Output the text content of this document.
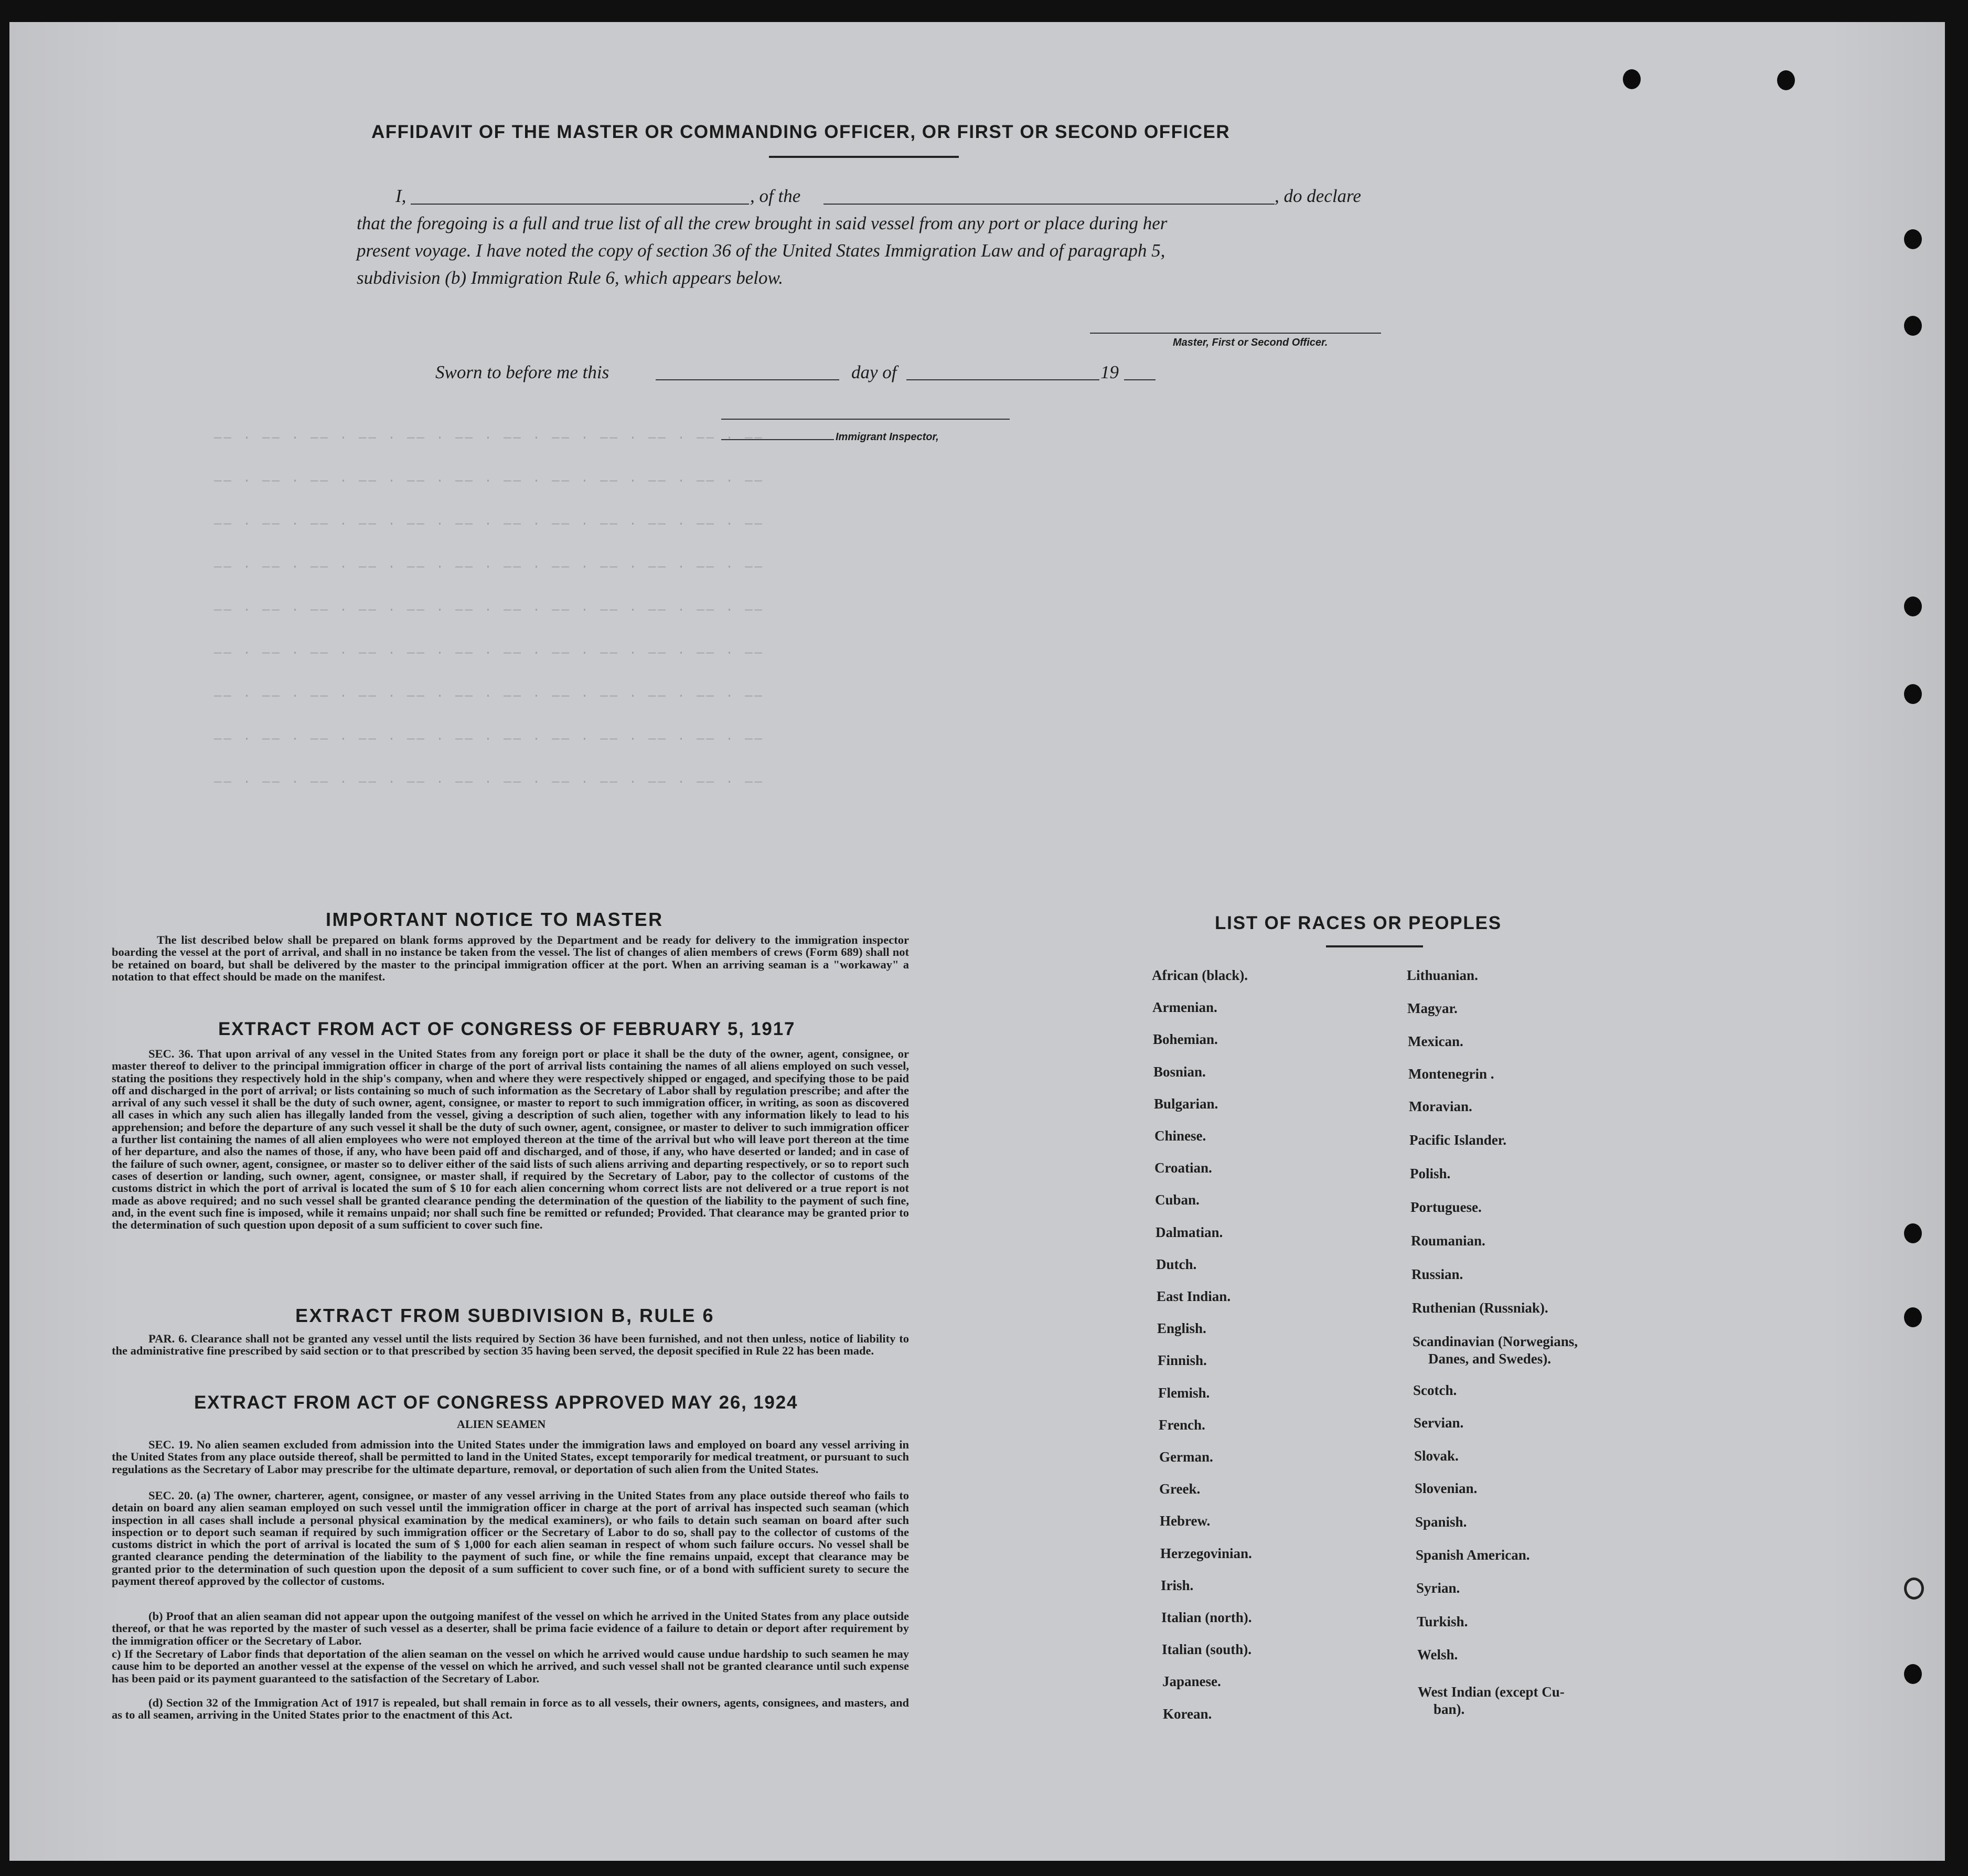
—— · —— · —— · —— · —— · —— · —— · —— · —— · —— · —— · ——
—— · —— · —— · —— · —— · —— · —— · —— · —— · —— · —— · ——
—— · —— · —— · —— · —— · —— · —— · —— · —— · —— · —— · ——
—— · —— · —— · —— · —— · —— · —— · —— · —— · —— · —— · ——
—— · —— · —— · —— · —— · —— · —— · —— · —— · —— · —— · ——
—— · —— · —— · —— · —— · —— · —— · —— · —— · —— · —— · ——
—— · —— · —— · —— · —— · —— · —— · —— · —— · —— · —— · ——
—— · —— · —— · —— · —— · —— · —— · —— · —— · —— · —— · ——
—— · —— · —— · —— · —— · —— · —— · —— · —— · —— · —— · ——
AFFIDAVIT OF THE MASTER OR COMMANDING OFFICER, OR FIRST OR SECOND OFFICER
I,	, of the	, do declare
that the foregoing is a full and true list of all the crew brought in said vessel from any port or place during her
present voyage. I have noted the copy of section 36 of the United States Immigration Law and of paragraph 5,
subdivision (b) Immigration Rule 6, which appears below.
Master, First or Second Officer.
Sworn to before me this	day of	19
Immigrant Inspector,
IMPORTANT NOTICE TO MASTER
The list described below shall be prepared on blank forms approved by the Department and be ready for delivery to the immigration inspector boarding the vessel at the port of arrival, and shall in no instance be taken from the vessel. The list of changes of alien members of crews (Form 689) shall not be retained on board, but shall be delivered by the master to the principal immigration officer at the port. When an arriving seaman is a "workaway" a notation to that effect should be made on the manifest.
EXTRACT FROM ACT OF CONGRESS OF FEBRUARY 5, 1917
SEC. 36. That upon arrival of any vessel in the United States from any foreign port or place it shall be the duty of the owner, agent, consignee, or master thereof to deliver to the principal immigration officer in charge of the port of arrival lists containing the names of all aliens employed on such vessel, stating the positions they respectively hold in the ship's company, when and where they were respectively shipped or engaged, and specifying those to be paid off and discharged in the port of arrival; or lists containing so much of such information as the Secretary of Labor shall by regulation prescribe; and after the arrival of any such vessel it shall be the duty of such owner, agent, consignee, or master to report to such immigration officer, in writing, as soon as discovered all cases in which any such alien has illegally landed from the vessel, giving a description of such alien, together with any information likely to lead to his apprehension; and before the departure of any such vessel it shall be the duty of such owner, agent, consignee, or master to deliver to such immigration officer a further list containing the names of all alien employees who were not employed thereon at the time of the arrival but who will leave port thereon at the time of her departure, and also the names of those, if any, who have been paid off and discharged, and of those, if any, who have deserted or landed; and in case of the failure of such owner, agent, consignee, or master so to deliver either of the said lists of such aliens arriving and departing respectively, or so to report such cases of desertion or landing, such owner, agent, consignee, or master shall, if required by the Secretary of Labor, pay to the collector of customs of the customs district in which the port of arrival is located the sum of $ 10 for each alien concerning whom correct lists are not delivered or a true report is not made as above required; and no such vessel shall be granted clearance pending the determination of the question of the liability to the payment of such fine, and, in the event such fine is imposed, while it remains unpaid; nor shall such fine be remitted or refunded; Provided. That clearance may be granted prior to the determination of such question upon deposit of a sum sufficient to cover such fine.
EXTRACT FROM SUBDIVISION B, RULE 6
PAR. 6. Clearance shall not be granted any vessel until the lists required by Section 36 have been furnished, and not then unless, notice of liability to the administrative fine prescribed by said section or to that prescribed by section 35 having been served, the deposit specified in Rule 22 has been made.
EXTRACT FROM ACT OF CONGRESS APPROVED MAY 26, 1924
ALIEN SEAMEN
SEC. 19. No alien seamen excluded from admission into the United States under the immigration laws and employed on board any vessel arriving in the United States from any place outside thereof, shall be permitted to land in the United States, except temporarily for medical treatment, or pursuant to such regulations as the Secretary of Labor may prescribe for the ultimate departure, removal, or deportation of such alien from the United States.
SEC. 20. (a) The owner, charterer, agent, consignee, or master of any vessel arriving in the United States from any place outside thereof who fails to detain on board any alien seaman employed on such vessel until the immigration officer in charge at the port of arrival has inspected such seaman (which inspection in all cases shall include a personal physical examination by the medical examiners), or who fails to detain such seaman on board after such inspection or to deport such seaman if required by such immigration officer or the Secretary of Labor to do so, shall pay to the collector of customs of the customs district in which the port of arrival is located the sum of $ 1,000 for each alien seaman in respect of whom such failure occurs. No vessel shall be granted clearance pending the determination of the liability to the payment of such fine, or while the fine remains unpaid, except that clearance may be granted prior to the determination of such question upon the deposit of a sum sufficient to cover such fine, or of a bond with sufficient surety to secure the payment thereof approved by the collector of customs.
(b) Proof that an alien seaman did not appear upon the outgoing manifest of the vessel on which he arrived in the United States from any place outside thereof, or that he was reported by the master of such vessel as a deserter, shall be prima facie evidence of a failure to detain or deport after requirement by the immigration officer or the Secretary of Labor.
c) If the Secretary of Labor finds that deportation of the alien seaman on the vessel on which he arrived would cause undue hardship to such seamen he may cause him to be deported an another vessel at the expense of the vessel on which he arrived, and such vessel shall not be granted clearance until such expense has been paid or its payment guaranteed to the satisfaction of the Secretary of Labor.
(d) Section 32 of the Immigration Act of 1917 is repealed, but shall remain in force as to all vessels, their owners, agents, consignees, and masters, and as to all seamen, arriving in the United States prior to the enactment of this Act.
LIST OF RACES OR PEOPLES
African (black).
Armenian.
Bohemian.
Bosnian.
Bulgarian.
Chinese.
Croatian.
Cuban.
Dalmatian.
Dutch.
East Indian.
English.
Finnish.
Flemish.
French.
German.
Greek.
Hebrew.
Herzegovinian.
Irish.
Italian (north).
Italian (south).
Japanese.
Korean.
Lithuanian.
Magyar.
Mexican.
Montenegrin .
Moravian.
Pacific Islander.
Polish.
Portuguese.
Roumanian.
Russian.
Ruthenian (Russniak).
Scandinavian (Norwegians,
Danes, and Swedes).
Scotch.
Servian.
Slovak.
Slovenian.
Spanish.
Spanish American.
Syrian.
Turkish.
Welsh.
West Indian (except Cu-
ban).
